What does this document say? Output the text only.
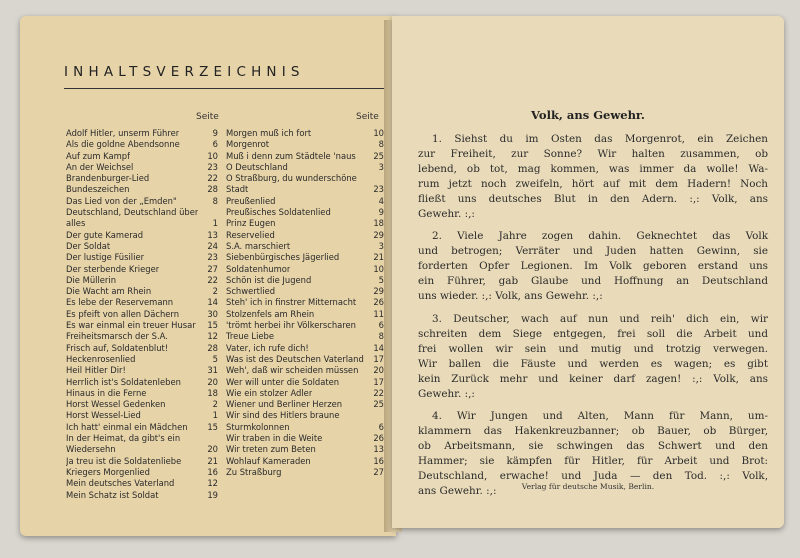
INHALTSVERZEICHNIS
Seite	Seite
Adolf Hitler, unserm Führer	9
Als die goldne Abendsonne	6
Auf zum Kampf	10
An der Weichsel	23
Brandenburger-Lied	22
Bundeszeichen	28
Das Lied von der „Emden"	8
Deutschland, Deutschland über
alles	1
Der gute Kamerad	13
Der Soldat	24
Der lustige Füsilier	23
Der sterbende Krieger	27
Die Müllerin	22
Die Wacht am Rhein	2
Es lebe der Reservemann	14
Es pfeift von allen Dächern	30
Es war einmal ein treuer Husar	15
Freiheitsmarsch der S.A.	12
Frisch auf, Soldatenblut!	28
Heckenrosenlied	5
Heil Hitler Dir!	31
Herrlich ist's Soldatenleben	20
Hinaus in die Ferne	18
Horst Wessel Gedenken	2
Horst Wessel-Lied	1
Ich hatt' einmal ein Mädchen	15
In der Heimat, da gibt's ein
Wiedersehn	20
Ja treu ist die Soldatenliebe	21
Kriegers Morgenlied	16
Mein deutsches Vaterland	12
Mein Schatz ist Soldat	19
Morgen muß ich fort	10
Morgenrot	8
Muß i denn zum Städtele 'naus	25
O Deutschland	3
O Straßburg, du wunderschöne
Stadt	23
Preußenlied	4
Preußisches Soldatenlied	9
Prinz Eugen	18
Reservelied	29
S.A. marschiert	3
Siebenbürgisches Jägerlied	21
Soldatenhumor	10
Schön ist die Jugend	5
Schwertlied	29
Steh' ich in finstrer Mitternacht	26
Stolzenfels am Rhein	11
'trömt herbei ihr Völkerscharen	6
Treue Liebe	8
Vater, ich rufe dich!	14
Was ist des Deutschen Vaterland	17
Weh', daß wir scheiden müssen	20
Wer will unter die Soldaten	17
Wie ein stolzer Adler	22
Wiener und Berliner Herzen	25
Wir sind des Hitlers braune
Sturmkolonnen	6
Wir traben in die Weite	26
Wir treten zum Beten	13
Wohlauf Kameraden	16
Zu Straßburg	27
Volk, ans Gewehr.
1. Siehst du im Osten das Morgenrot, ein Zeichen
zur Freiheit, zur Sonne? Wir halten zusammen, ob
lebend, ob tot, mag kommen, was immer da wolle! Wa-
rum jetzt noch zweifeln, hört auf mit dem Hadern! Noch
fließt uns deutsches Blut in den Adern. :,: Volk, ans
Gewehr. :,:
2. Viele Jahre zogen dahin. Geknechtet das Volk
und betrogen; Verräter und Juden hatten Gewinn, sie
forderten Opfer Legionen. Im Volk geboren erstand uns
ein Führer, gab Glaube und Hoffnung an Deutschland
uns wieder. :,: Volk, ans Gewehr. :,:
3. Deutscher, wach auf nun und reih' dich ein, wir
schreiten dem Siege entgegen, frei soll die Arbeit und
frei wollen wir sein und mutig und trotzig verwegen.
Wir ballen die Fäuste und werden es wagen; es gibt
kein Zurück mehr und keiner darf zagen! :,: Volk, ans
Gewehr. :,:
4. Wir Jungen und Alten, Mann für Mann, um-
klammern das Hakenkreuzbanner; ob Bauer, ob Bürger,
ob Arbeitsmann, sie schwingen das Schwert und den
Hammer; sie kämpfen für Hitler, für Arbeit und Brot:
Deutschland, erwache! und Juda — den Tod. :,: Volk,
ans Gewehr. :,:	Verlag für deutsche Musik, Berlin.
